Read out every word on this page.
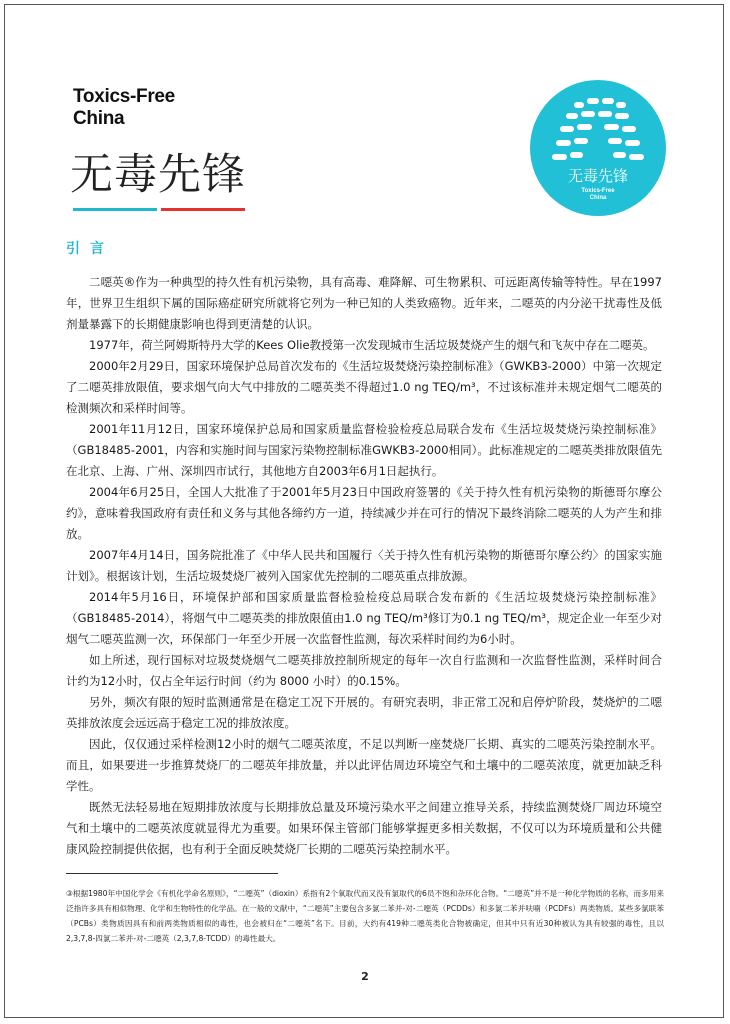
Toxics-Free
China
无毒先锋	无毒先锋
Toxics-Free
China
引言

二噁英®作为一种典型的持久性有机污染物，具有高毒、难降解、可生物累积、可远距离传输等特性。早在1997年，世界卫生组织下属的国际癌症研究所就将它列为一种已知的人类致癌物。近年来，二噁英的内分泌干扰毒性及低剂量暴露下的长期健康影响也得到更清楚的认识。

1977年，荷兰阿姆斯特丹大学的Kees Olie教授第一次发现城市生活垃圾焚烧产生的烟气和飞灰中存在二噁英。

2000年2月29日，国家环境保护总局首次发布的《生活垃圾焚烧污染控制标准》（GWKB3-2000）中第一次规定了二噁英排放限值，要求烟气向大气中排放的二噁英类不得超过1.0 ng TEQ/m³，不过该标准并未规定烟气二噁英的检测频次和采样时间等。

2001年11月12日，国家环境保护总局和国家质量监督检验检疫总局联合发布《生活垃圾焚烧污染控制标准》（GB18485-2001，内容和实施时间与国家污染物控制标准GWKB3-2000相同）。此标准规定的二噁英类排放限值先在北京、上海、广州、深圳四市试行，其他地方自2003年6月1日起执行。

2004年6月25日，全国人大批准了于2001年5月23日中国政府签署的《关于持久性有机污染物的斯德哥尔摩公约》，意味着我国政府有责任和义务与其他各缔约方一道，持续减少并在可行的情况下最终消除二噁英的人为产生和排放。

2007年4月14日，国务院批准了《中华人民共和国履行〈关于持久性有机污染物的斯德哥尔摩公约〉的国家实施计划》。根据该计划，生活垃圾焚烧厂被列入国家优先控制的二噁英重点排放源。

2014年5月16日，环境保护部和国家质量监督检验检疫总局联合发布新的《生活垃圾焚烧污染控制标准》（GB18485-2014），将烟气中二噁英类的排放限值由1.0 ng TEQ/m³修订为0.1 ng TEQ/m³，规定企业一年至少对烟气二噁英监测一次，环保部门一年至少开展一次监督性监测，每次采样时间约为6小时。

如上所述，现行国标对垃圾焚烧烟气二噁英排放控制所规定的每年一次自行监测和一次监督性监测，采样时间合计约为12小时，仅占全年运行时间（约为 8000 小时）的0.15%。

另外，频次有限的短时监测通常是在稳定工况下开展的。有研究表明，非正常工况和启停炉阶段，焚烧炉的二噁英排放浓度会远远高于稳定工况的排放浓度。

因此，仅仅通过采样检测12小时的烟气二噁英浓度，不足以判断一座焚烧厂长期、真实的二噁英污染控制水平。而且，如果要进一步推算焚烧厂的二噁英年排放量，并以此评估周边环境空气和土壤中的二噁英浓度，就更加缺乏科学性。

既然无法轻易地在短期排放浓度与长期排放总量及环境污染水平之间建立推导关系，持续监测焚烧厂周边环境空气和土壤中的二噁英浓度就显得尤为重要。如果环保主管部门能够掌握更多相关数据，不仅可以为环境质量和公共健康风险控制提供依据，也有利于全面反映焚烧厂长期的二噁英污染控制水平。

③根据1980年中国化学会《有机化学命名原则》，“二噁英”（dioxin）系指有2个氧取代而又没有氯取代的6员不饱和杂环化合物。“二噁英”并不是一种化学物质的名称，而多用来泛指许多具有相似物理、化学和生物特性的化学品。在一般的文献中，“二噁英”主要包含多氯二苯并-对-二噁英（PCDDs）和多氯二苯并呋喃（PCDFs）两类物质。某些多氯联苯（PCBs）类物质因具有和前两类物质相似的毒性，也会被归在“二噁英”名下。目前，大约有419种二噁英类化合物被确定，但其中只有近30种被认为具有较强的毒性，且以2,3,7,8-四氯二苯并-对-二噁英（2,3,7,8-TCDD）的毒性最大。
2
